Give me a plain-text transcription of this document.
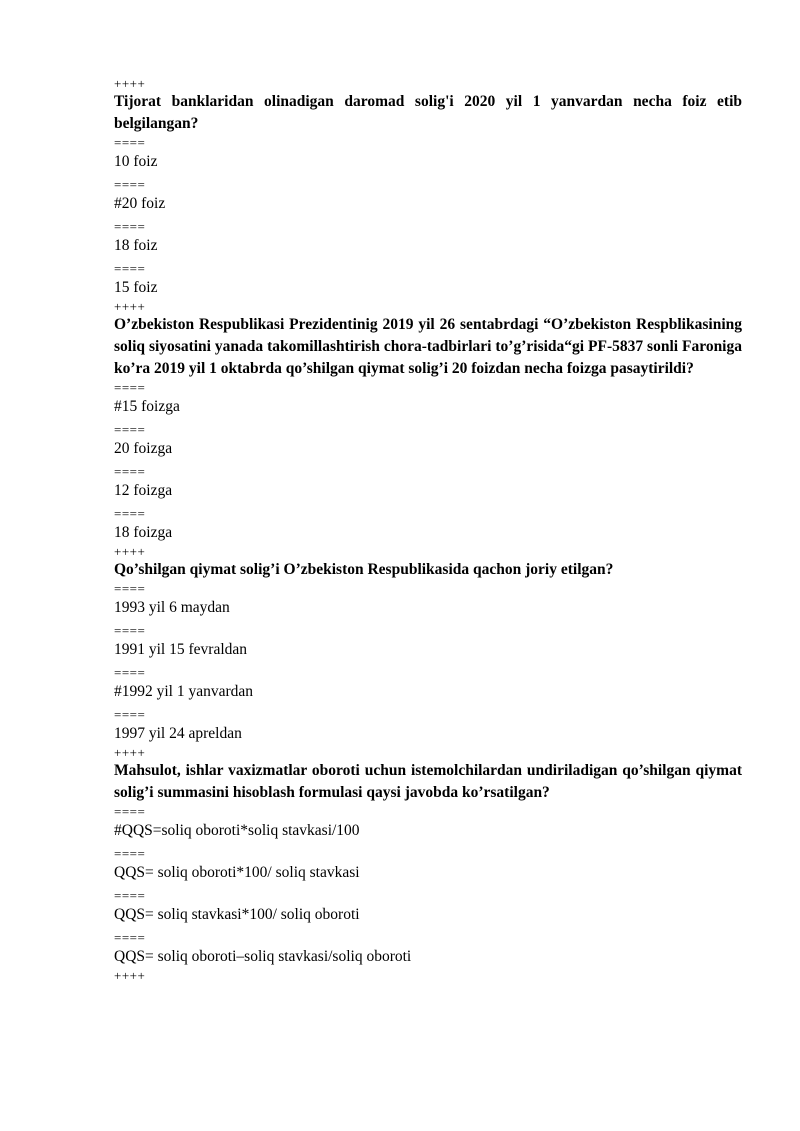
++++
Tijorat banklaridan olinadigan daromad solig'i 2020 yil 1 yanvardan necha foiz etib belgilangan?
====
10 foiz
====
#20 foiz
====
18 foiz
====
15 foiz
++++
O’zbekiston Respublikasi Prezidentinig 2019 yil 26 sentabrdagi “O’zbekiston Respblikasining soliq siyosatini yanada takomillashtirish chora-tadbirlari to’g’risida“gi PF-5837 sonli Faroniga ko’ra 2019 yil 1 oktabrda qo’shilgan qiymat solig’i 20 foizdan necha foizga pasaytirildi?
====
#15 foizga
====
20 foizga
====
12 foizga
====
18 foizga
++++
Qo’shilgan qiymat solig’i O’zbekiston Respublikasida qachon joriy etilgan?
====
1993 yil 6 maydan
====
1991 yil 15 fevraldan
====
#1992 yil 1 yanvardan
====
1997 yil 24 apreldan
++++
Mahsulot, ishlar vaxizmatlar oboroti uchun istemolchilardan undiriladigan qo’shilgan qiymat solig’i summasini hisoblash formulasi qaysi javobda ko’rsatilgan?
====
#QQS=soliq oboroti*soliq stavkasi/100
====
QQS= soliq oboroti*100/ soliq stavkasi
====
QQS= soliq stavkasi*100/ soliq oboroti
====
QQS= soliq oboroti–soliq stavkasi/soliq oboroti
++++
